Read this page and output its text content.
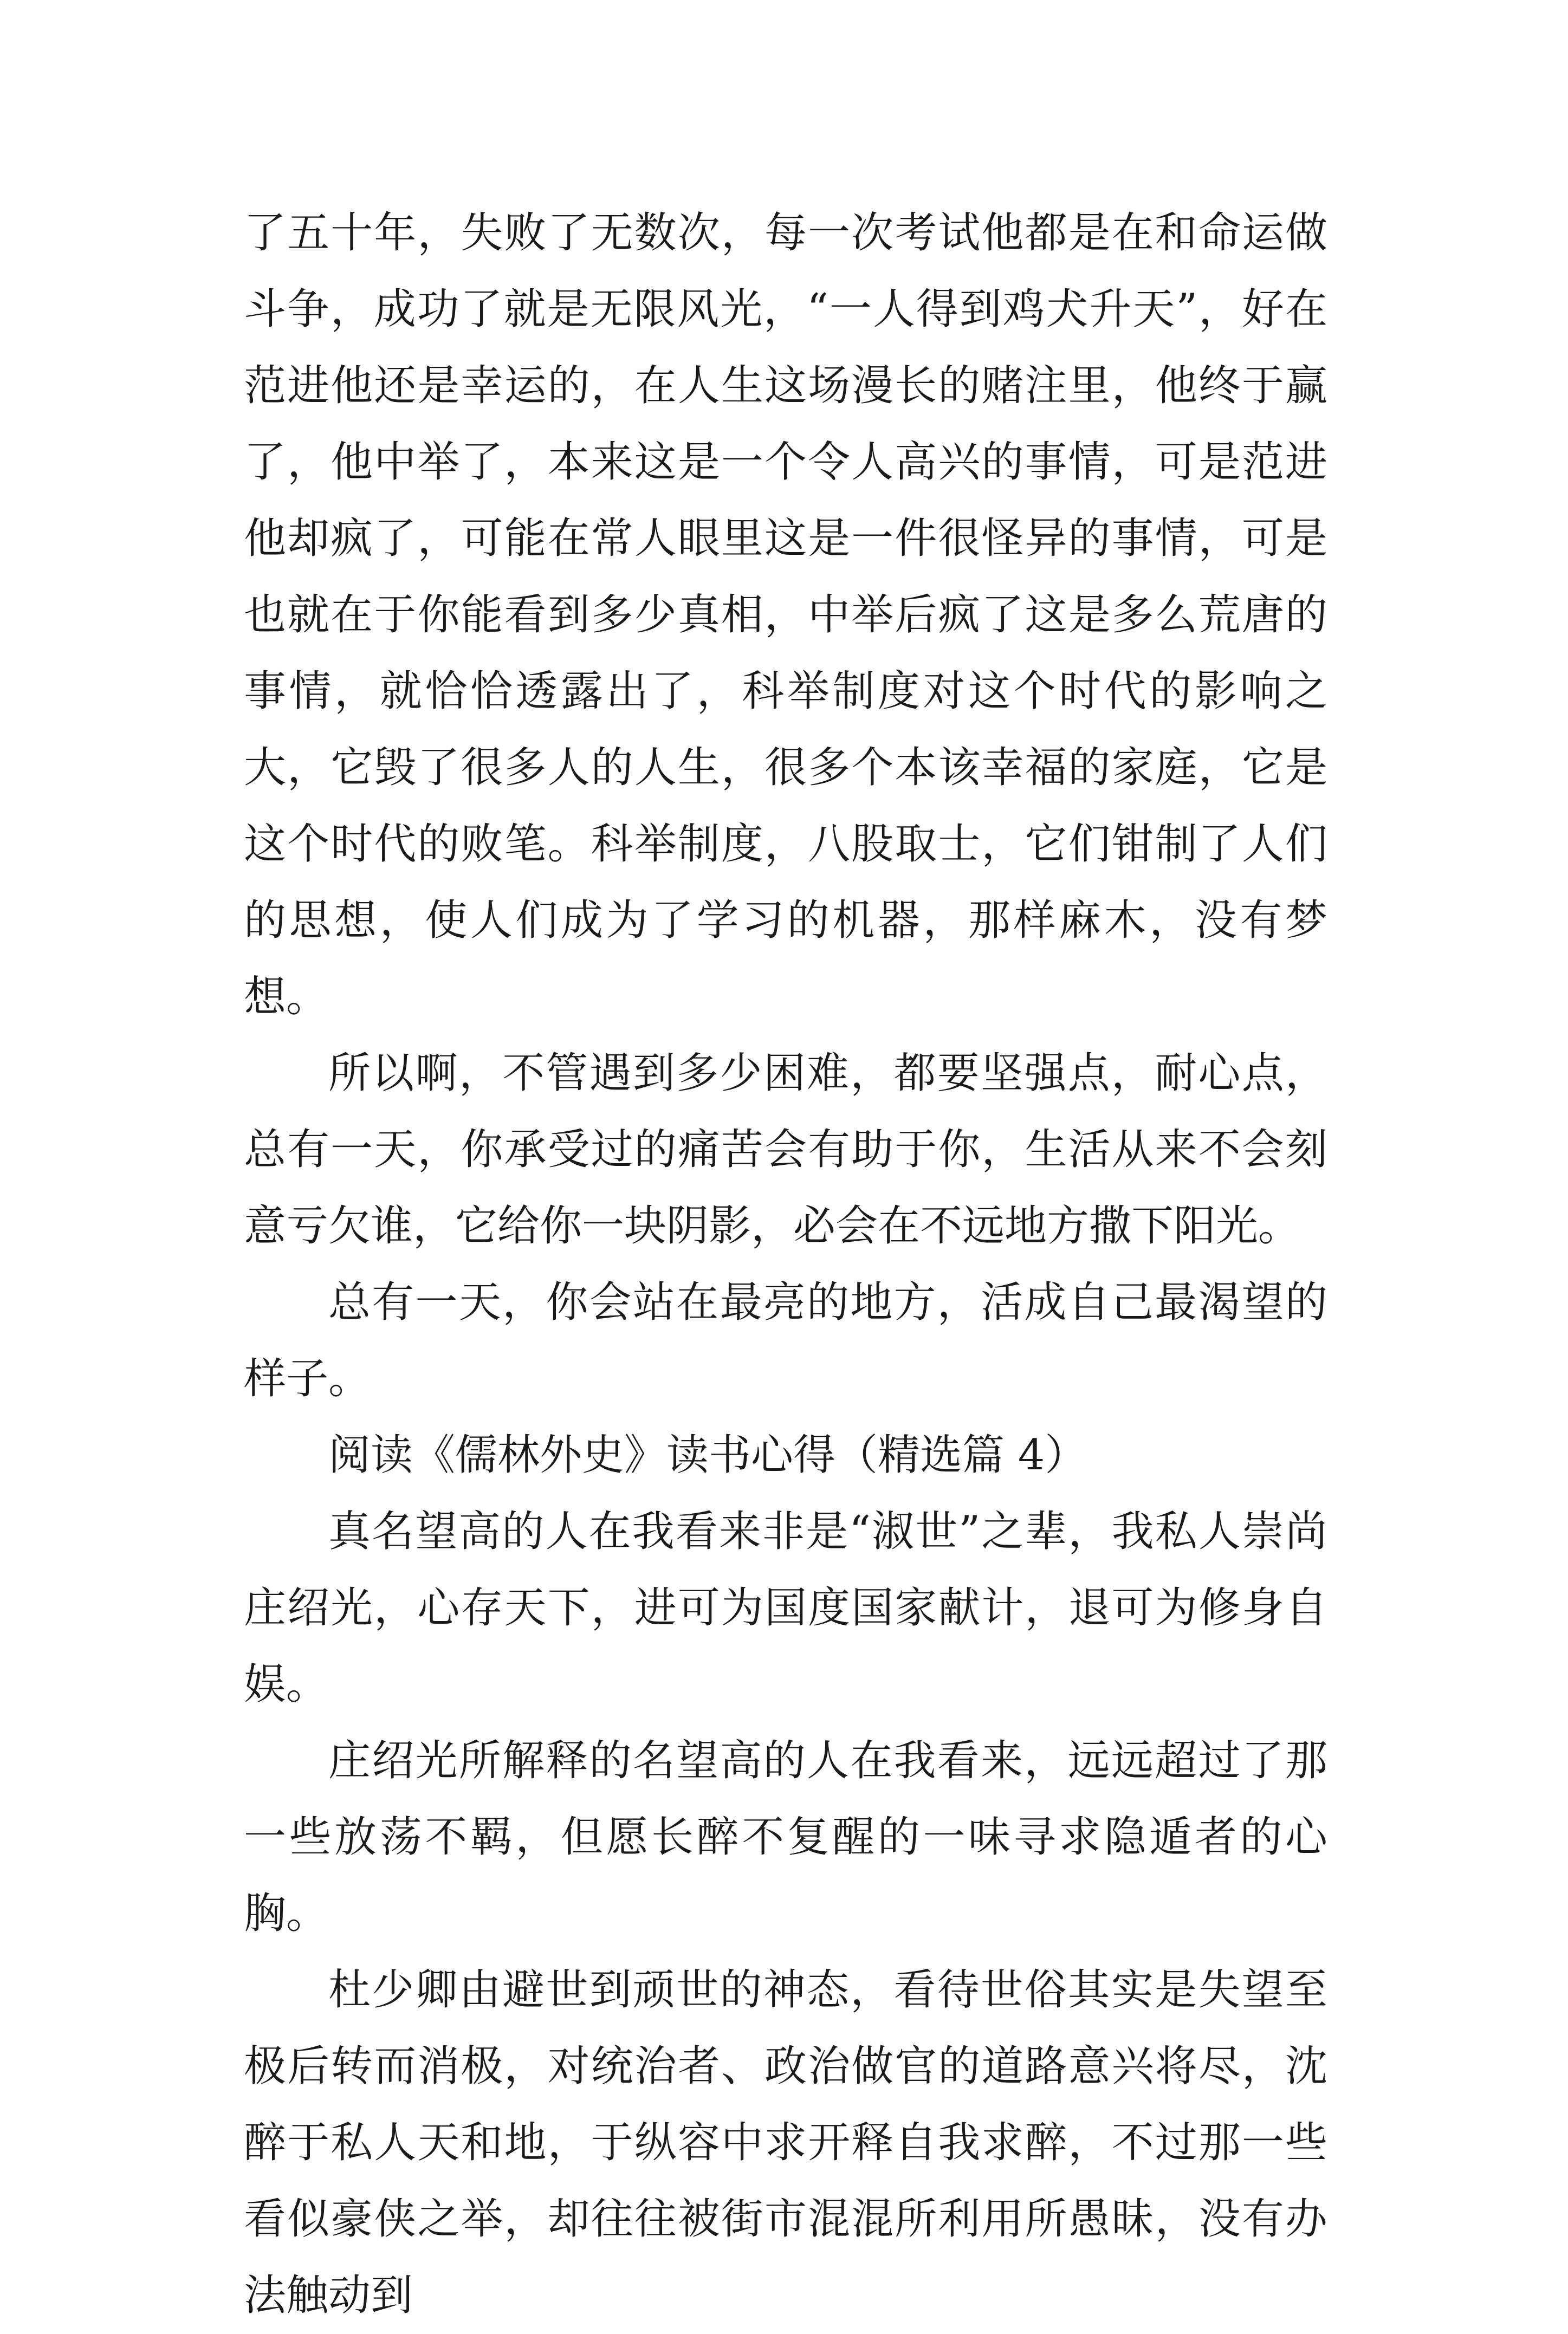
了五十年，失败了无数次，每一次考试他都是在和命运做斗争，成功了就是无限风光，“一人得到鸡犬升天”，好在范进他还是幸运的，在人生这场漫长的赌注里，他终于赢了，他中举了，本来这是一个令人高兴的事情，可是范进他却疯了，可能在常人眼里这是一件很怪异的事情，可是也就在于你能看到多少真相，中举后疯了这是多么荒唐的事情，就恰恰透露出了，科举制度对这个时代的影响之大，它毁了很多人的人生，很多个本该幸福的家庭，它是这个时代的败笔。科举制度，八股取士，它们钳制了人们的思想，使人们成为了学习的机器，那样麻木，没有梦想。

所以啊，不管遇到多少困难，都要坚强点，耐心点，总有一天，你承受过的痛苦会有助于你，生活从来不会刻意亏欠谁，它给你一块阴影，必会在不远地方撒下阳光。

总有一天，你会站在最亮的地方，活成自己最渴望的样子。

阅读《儒林外史》读书心得（精选篇 4）

真名望高的人在我看来非是“淑世”之辈，我私人崇尚庄绍光，心存天下，进可为国度国家献计，退可为修身自娱。

庄绍光所解释的名望高的人在我看来，远远超过了那一些放荡不羁，但愿长醉不复醒的一味寻求隐遁者的心胸。

杜少卿由避世到顽世的神态，看待世俗其实是失望至极后转而消极，对统治者、政治做官的道路意兴将尽，沈醉于私人天和地，于纵容中求开释自我求醉，不过那一些看似豪侠之举，却往往被街市混混所利用所愚昧，没有办法触动到
